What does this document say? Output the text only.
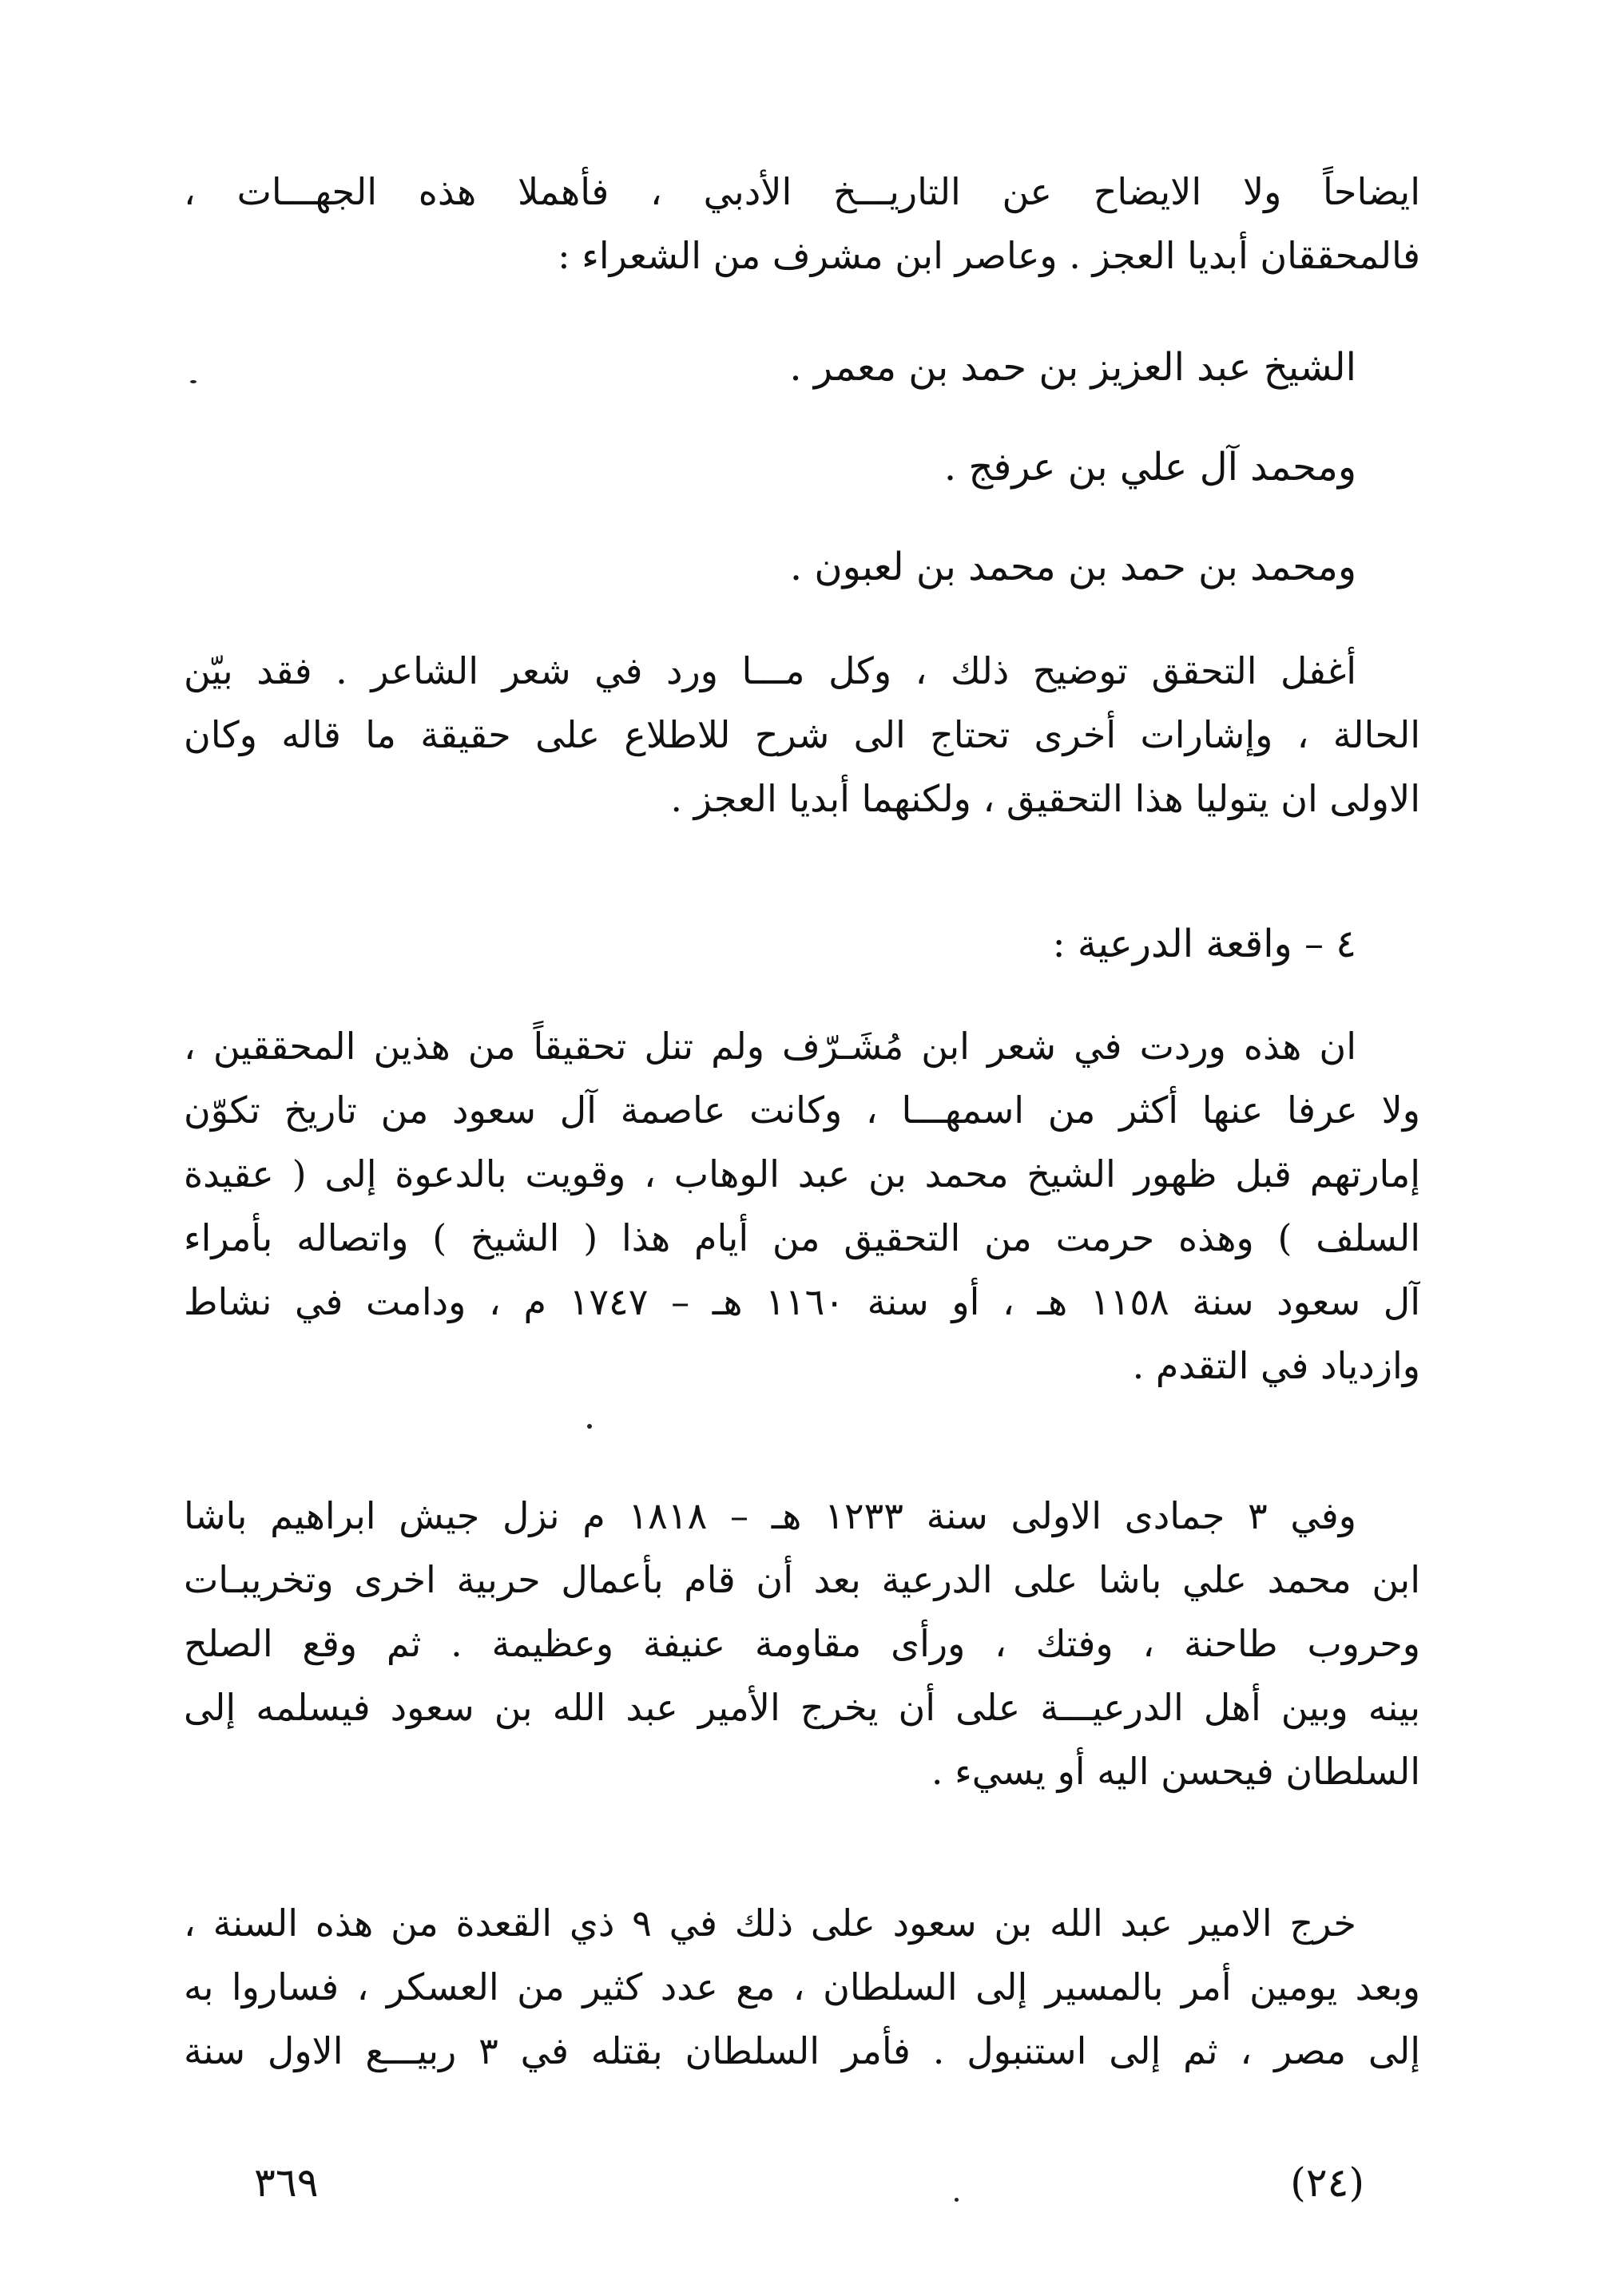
ايضاحاً ولا الايضاح عن التاريـــخ الأدبي ، فأهملا هذه الجهـــات ،
فالمحققان أبديا العجز . وعاصر ابن مشرف من الشعراء :
الشيخ عبد العزيز بن حمد بن معمر .
ومحمد آل علي بن عرفج .
ومحمد بن حمد بن محمد بن لعبون .
أغفل التحقق توضيح ذلك ، وكل مـــا ورد في شعر الشاعر . فقد بيّن
الحالة ، وإشارات أخرى تحتاج الى شرح للاطلاع على حقيقة ما قاله وكان
الاولى ان يتوليا هذا التحقيق ، ولكنهما أبديا العجز .
٤ – واقعة الدرعية :
ان هذه وردت في شعر ابن مُشَـرّف ولم تنل تحقيقاً من هذين المحققين ،
ولا عرفا عنها أكثر من اسمهـــا ، وكانت عاصمة آل سعود من تاريخ تكوّن
إمارتهم قبل ظهور الشيخ محمد بن عبد الوهاب ، وقويت بالدعوة إلى ( عقيدة
السلف ) وهذه حرمت من التحقيق من أيام هذا ( الشيخ ) واتصاله بأمراء
آل سعود سنة ١١٥٨ هـ ، أو سنة ١١٦٠ هـ – ١٧٤٧ م ، ودامت في نشاط
وازدياد في التقدم .
وفي ٣ جمادى الاولى سنة ١٢٣٣ هـ – ١٨١٨ م نزل جيش ابراهيم باشا
ابن محمد علي باشا على الدرعية بعد أن قام بأعمال حربية اخرى وتخريبـات
وحروب طاحنة ، وفتك ، ورأى مقاومة عنيفة وعظيمة . ثم وقع الصلح
بينه وبين أهل الدرعيـــة على أن يخرج الأمير عبد الله بن سعود فيسلمه إلى
السلطان فيحسن اليه أو يسيء .
خرج الامير عبد الله بن سعود على ذلك في ٩ ذي القعدة من هذه السنة ،
وبعد يومين أمر بالمسير إلى السلطان ، مع عدد كثير من العسكر ، فساروا به
إلى مصر ، ثم إلى استنبول . فأمر السلطان بقتله في ٣ ربيـــع الاول سنة
(٢٤)
٣٦٩
